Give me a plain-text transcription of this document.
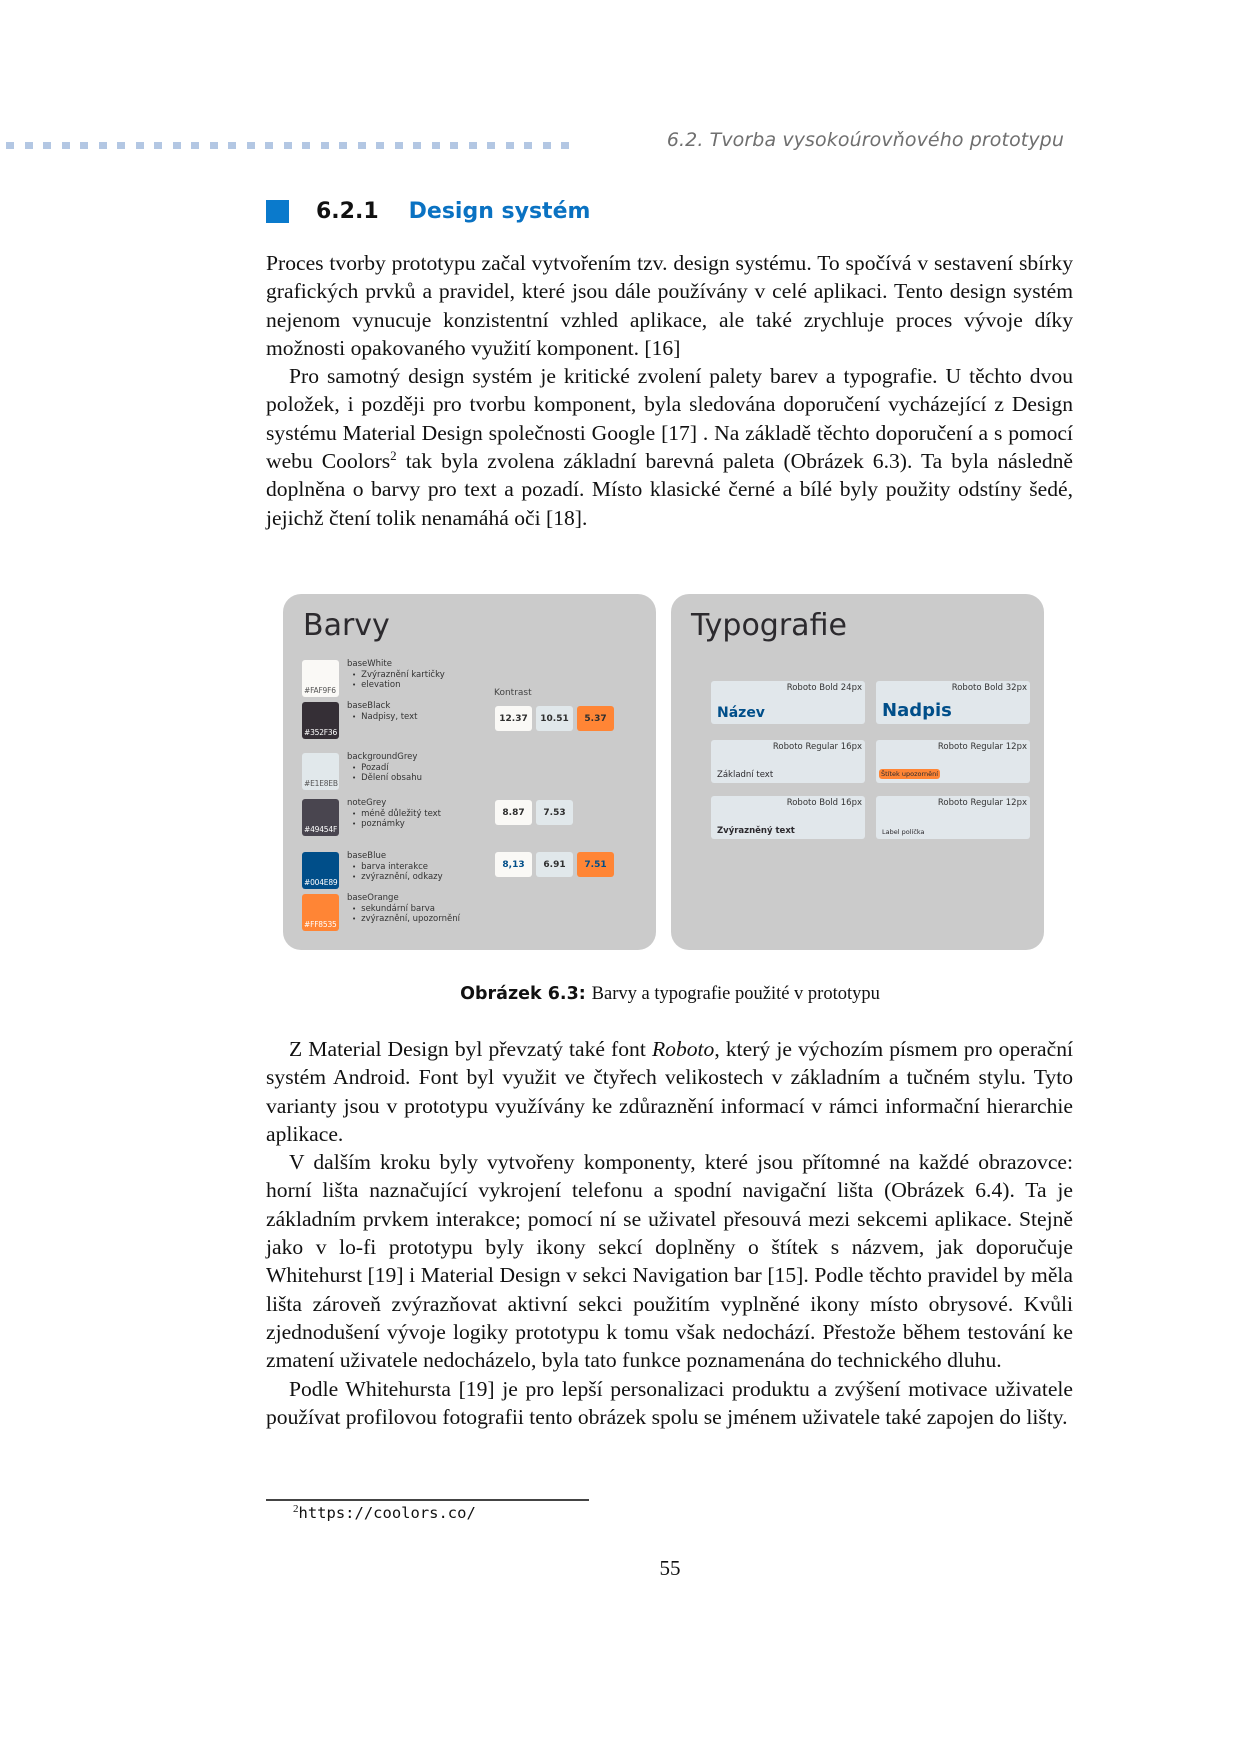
6.2. Tvorba vysokoúrovňového prototypu
6.2.1 Design systém

Proces tvorby prototypu začal vytvořením tzv. design systému. To spočívá v sestavení sbírky grafických prvků a pravidel, které jsou dále používány v celé aplikaci. Tento design systém nejenom vynucuje konzistentní vzhled aplikace, ale také zrychluje proces vývoje díky možnosti opakovaného využití komponent. [16]

Pro samotný design systém je kritické zvolení palety barev a typografie. U těchto dvou položek, i později pro tvorbu komponent, byla sledována doporučení vycházející z Design systému Material Design společnosti Google [17] . Na základě těchto doporučení a s pomocí webu Coolors$^2$ tak byla zvolena základní barevná paleta (Obrázek 6.3). Ta byla následně doplněna o barvy pro text a pozadí. Místo klasické černé a bílé byly použity odstíny šedé, jejichž čtení tolik nenamáhá oči [18].

Barvy
#FAF9F6
baseWhite
• Zvýraznění kartičky
• elevation
#352F36
baseBlack
• Nadpisy, text
#E1E8EB
backgroundGrey
• Pozadí
• Dělení obsahu
#49454F
noteGrey
• méně důležitý text
• poznámky
#004E89
baseBlue
• barva interakce
• zvýraznění, odkazy
#FF8535
baseOrange
• sekundární barva
• zvýraznění, upozornění
Kontrast
12.37	10.51	5.37
8.87	7.53
8,13	6.91	7.51
Typografie
Roboto Bold 24px
Název
Roboto Bold 32px
Nadpis
Roboto Regular 16px
Základní text
Roboto Regular 12px
Štítek upozornění
Roboto Bold 16px
Zvýrazněný text
Roboto Regular 12px
Label políčka
Obrázek 6.3: Barvy a typografie použité v prototypu

Z Material Design byl převzatý také font Roboto, který je výchozím písmem pro operační systém Android. Font byl využit ve čtyřech velikostech v základním a tučném stylu. Tyto varianty jsou v prototypu využívány ke zdůraznění informací v rámci informační hierarchie aplikace.

V dalším kroku byly vytvořeny komponenty, které jsou přítomné na každé obrazovce: horní lišta naznačující vykrojení telefonu a spodní navigační lišta (Obrázek 6.4). Ta je základním prvkem interakce; pomocí ní se uživatel přesouvá mezi sekcemi aplikace. Stejně jako v lo-fi prototypu byly ikony sekcí doplněny o štítek s názvem, jak doporučuje Whitehurst [19] i Material Design v sekci Navigation bar [15]. Podle těchto pravidel by měla lišta zároveň zvýrazňovat aktivní sekci použitím vyplněné ikony místo obrysové. Kvůli zjednodušení vývoje logiky prototypu k tomu však nedochází. Přestože během testování ke zmatení uživatele nedocházelo, byla tato funkce poznamenána do technického dluhu.

Podle Whitehursta [19] je pro lepší personalizaci produktu a zvýšení motivace uživatele používat profilovou fotografii tento obrázek spolu se jménem uživatele také zapojen do lišty.

$^2$https://coolors.co/
55
